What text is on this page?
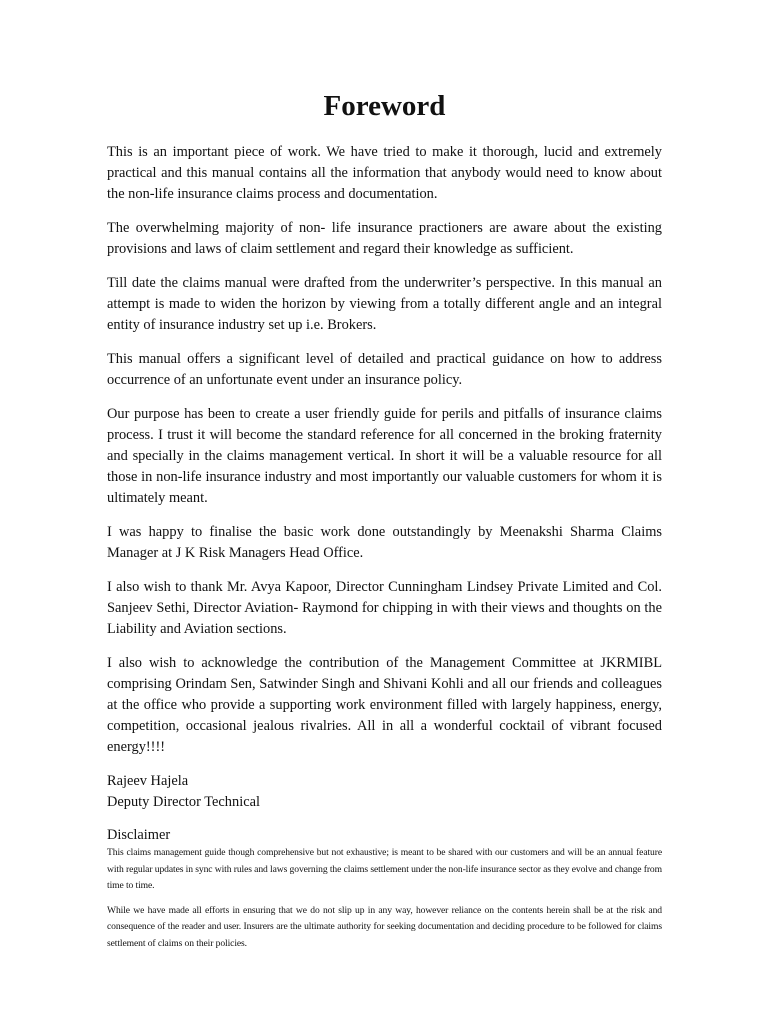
Foreword

This is an important piece of work. We have tried to make it thorough, lucid and extremely practical and this manual contains all the information that anybody would need to know about the non-life insurance claims process and documentation.

The overwhelming majority of non- life insurance practioners are aware about the existing provisions and laws of claim settlement and regard their knowledge as sufficient.

Till date the claims manual were drafted from the underwriter’s perspective. In this manual an attempt is made to widen the horizon by viewing from a totally different angle and an integral entity of insurance industry set up i.e. Brokers.

This manual offers a significant level of detailed and practical guidance on how to address occurrence of an unfortunate event under an insurance policy.

Our purpose has been to create a user friendly guide for perils and pitfalls of insurance claims process. I trust it will become the standard reference for all concerned in the broking fraternity and specially in the claims management vertical. In short it will be a valuable resource for all those in non-life insurance industry and most importantly our valuable customers for whom it is ultimately meant.

I was happy to finalise the basic work done outstandingly by Meenakshi Sharma Claims Manager at J K Risk Managers Head Office.

I also wish to thank Mr. Avya Kapoor, Director Cunningham Lindsey Private Limited and Col. Sanjeev Sethi, Director Aviation- Raymond for chipping in with their views and thoughts on the Liability and Aviation sections.

I also wish to acknowledge the contribution of the Management Committee at JKRMIBL comprising Orindam Sen, Satwinder Singh and Shivani Kohli and all our friends and colleagues at the office who provide a supporting work environment filled with largely happiness, energy, competition, occasional jealous rivalries. All in all a wonderful cocktail of vibrant focused energy!!!!

Rajeev Hajela
Deputy Director Technical
Disclaimer

This claims management guide though comprehensive but not exhaustive; is meant to be shared with our customers and will be an annual feature with regular updates in sync with rules and laws governing the claims settlement under the non-life insurance sector as they evolve and change from time to time.

While we have made all efforts in ensuring that we do not slip up in any way, however reliance on the contents herein shall be at the risk and consequence of the reader and user. Insurers are the ultimate authority for seeking documentation and deciding procedure to be followed for claims settlement of claims on their policies.
